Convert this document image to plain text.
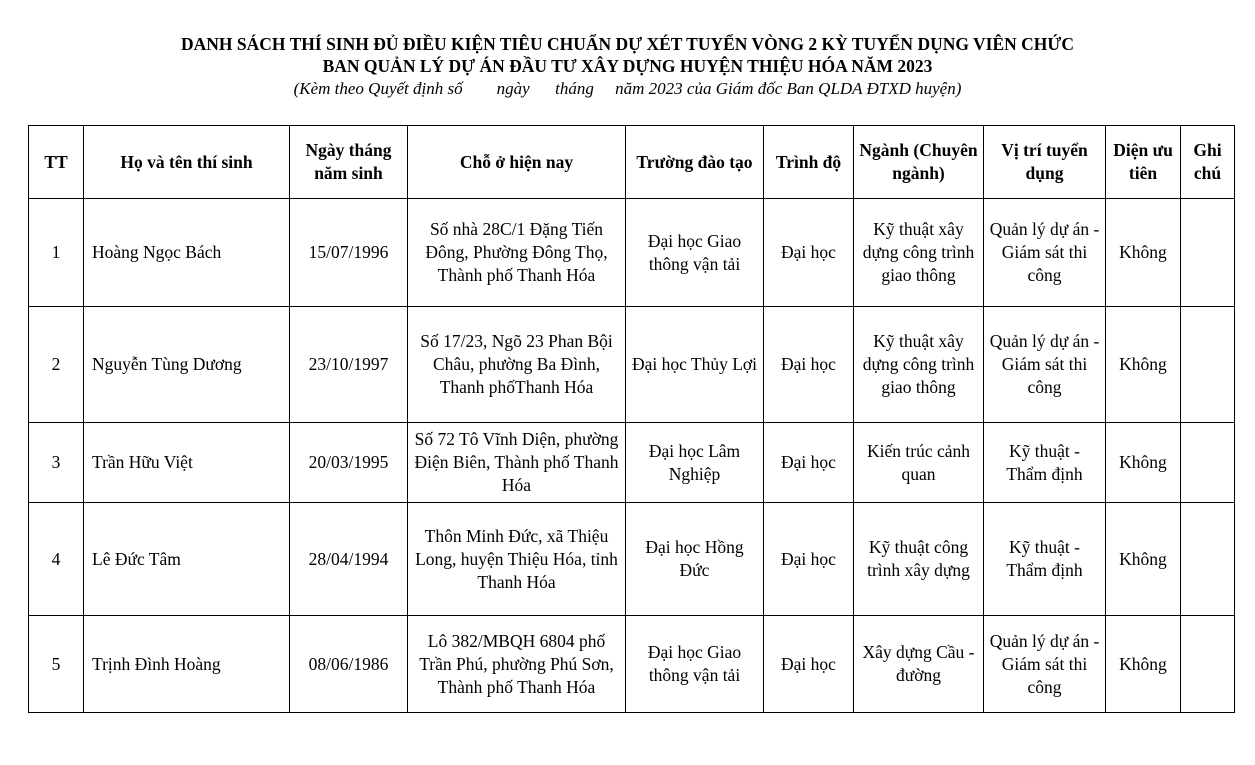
DANH SÁCH THÍ SINH ĐỦ ĐIỀU KIỆN TIÊU CHUẨN DỰ XÉT TUYỂN VÒNG 2 KỲ TUYỂN DỤNG VIÊN CHỨC
BAN QUẢN LÝ DỰ ÁN ĐẦU TƯ XÂY DỰNG HUYỆN THIỆU HÓA NĂM 2023
(Kèm theo Quyết định số        ngày      tháng     năm 2023 của Giám đốc Ban QLDA ĐTXD huyện)
TT	Họ và tên thí sinh	Ngày tháng năm sinh	Chỗ ở hiện nay	Trường đào tạo	Trình độ	Ngành (Chuyên ngành)	Vị trí tuyển dụng	Diện ưu tiên	Ghi chú
1	Hoàng Ngọc Bách	15/07/1996	Số nhà 28C/1 Đặng Tiến Đông, Phường Đông Thọ, Thành phố Thanh Hóa	Đại học Giao thông vận tải	Đại học	Kỹ thuật xây dựng công trình giao thông	Quản lý dự án - Giám sát thi công	Không	
2	Nguyễn Tùng Dương	23/10/1997	Số 17/23, Ngõ 23 Phan Bội Châu, phường Ba Đình, Thanh phốThanh Hóa	Đại học Thủy Lợi	Đại học	Kỹ thuật xây dựng công trình giao thông	Quản lý dự án - Giám sát thi công	Không	
3	Trần Hữu Việt	20/03/1995	Số 72 Tô Vĩnh Diện, phường Điện Biên, Thành phố Thanh Hóa	Đại học Lâm Nghiệp	Đại học	Kiến trúc cảnh quan	Kỹ thuật - Thẩm định	Không	
4	Lê Đức Tâm	28/04/1994	Thôn Minh Đức, xã Thiệu Long, huyện Thiệu Hóa, tỉnh Thanh Hóa	Đại học Hồng Đức	Đại học	Kỹ thuật công trình xây dựng	Kỹ thuật - Thẩm định	Không	
5	Trịnh Đình Hoàng	08/06/1986	Lô 382/MBQH 6804 phố Trần Phú, phường Phú Sơn, Thành phố Thanh Hóa	Đại học Giao thông vận tải	Đại học	Xây dựng Cầu - đường	Quản lý dự án - Giám sát thi công	Không	
